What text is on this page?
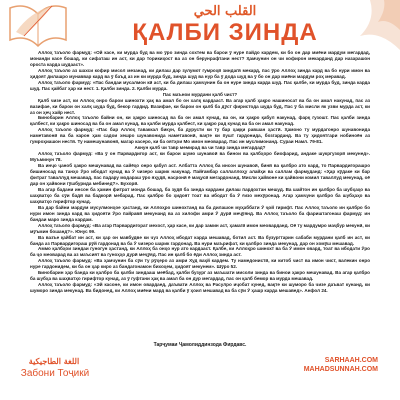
القلب الحي
ҚАЛБИ ЗИНДА

Аллоҳ таъоло фармуд: «Ой касе, ки мурда буд ва мо ӯро зинда сохтем ва барои ӯ нуре пайдо кардем, ки бо он дар миёни мардум мегардад, монанди касе бошад, ки сифаташ ин аст, ки дар торикиҳост ва аз он берунрафтани нест? Ҳамчунин он чи кофирон мекарданд дар назарашон ороста карда шудааст».

Аллоҳ таъоло аз шахси кофир мисол мезанад, ки дилаш дар зулумот гумроҳӣ зиндагӣ мекард, пас ӯро Аллоҳ зинда кард ва бо нури имон ва ҳидоят дилашро мунаввар кард ва ӯ баъд аз ин ки мурда буд, зинда шуд ва нур ба ӯ дода шуд ва ӯ бо он дар миёни мардум роҳ меравад.

Аллоҳ таъоло фармуд: «Пас бандаи мусалмон кӣ аст, ки ба дилаш ҳамчунин ба он нуре зинда карда шуд. Пас қалбе, ки мурда буд, зинда карда шуд. Пас қайбат ҳар ки нест. 1. Қалби зинда. 2. Қалби мурда.

Пас маънои мурдани қалб чист?

Қалб чизе аст, ки Аллоҳ онро барои шинохти ҳақ ва амал бо он халқ кардааст. Ва агар қалб ҳақро нашиносат ва ба он амал накунад, пас аз вазифае, ки барои он халқ шуда буд, бекор гардид. Вазифае, ки барои он қалб ба дӯст фиристода шуда буд, Пас ӯ ба мисли як узви мурда аст, ки аз он ҳеҷ хайр нест.

Бинобарин Аллоҳ таъоло байни он, ки ҳақро шиносад ва ба он амал кунад, ва он, ки ҳақро қабул накунад, фарқ гузошт. Пас қалби зинда қалбест, ки ҳақро шиносад ва ба он амал кунад, ва қалби мурда қалбест, ки ҳақро рад кунад ва ба он амал накунад.

Аллоҳ таъоло фармуд: «Пас бар Аллоҳ таваккал бикун, ба дурусти ки ту бар ҳаққи равшан ҳастӣ. Ҳамоно ту мурдагонро шунавонида наметавонӣ ва ба карон ҳам садои хешро шунавонида наметавонӣ, вақте ки пушт гардонида, бозгарданд. Ва ту ҳидоятгари нобиноён аз гумроҳиашон нестӣ. Ту намешунавонӣ, магар касеро, ки ба оятҳои Мо имон меоварад. Пас ин муслимонанд. Сураи Намл. 79-81.

Акнун қалб чи тавр мемирад ва чи тавр зинда мегардад?

Аллоҳ таъоло фармуд: «Ва ӯ он Парвардигор аст, ки барои шумо шунавоӣ ва бинои ва қалбҳоро биофарид, андаке шукргузорӣ мекунед». Муъминун 78.

Ва инҷо ҷаноб ҳакро мешунавад ва сайёҳо онро қабул аст. Албатта Аллоҳ ба инсон шунавоӣ, бинӣ ва қалбро ато кард, то Парвардигорашро бишиносад ва танҳо Ӯро ибодат кунад ва Ӯ чизеро шарик накунад. Пайғамбар саллаллоҳу алайҳи ва саллам фармуданд: «Ҳар кӯдаке ки бар фитрат таваллуд мешавад, пас падару модараш ӯро яҳудӣ, насронӣ ё маҷусӣ мегардонанд. Мисли ҳайвоне ки ҳайвони комил таваллуд мекунад, оё дар он ҳайвони гӯшбурида мебинед?». Бухорӣ.

Ва агар бадани инсон ба ҳамин фитрат монда бошад, ба зудӣ ба зинда кардани дилаш пардохтан мешуд. Ва шайтон ин қалбро ба шубҳаҳо ва шаҳватҳо ба сӯи бадӣ ва бадкорӣ мебарад. Пас қалбро бо ҳидоят тоат ва ибодат ба Ӯ ғизо мехӯронад. Агар ҳамчуни қалбро ба шубҳаҳо ва шаҳватҳо гирифтор кунад.

Ва дар байни мардум мусулмонҳое ҳастанд, ки Аллоҳро шинохтанд ва ба дилашон муҳаббати Ӯ ҷой гирифт. Пас Аллоҳ таъоло ин қалбро бо нури имон зинда кард ва ҳидояти Ӯро пайравӣ мекунанд ва аз хилофи амри Ӯ дурӣ меҷӯянд. Ва Аллоҳ таъоло ба фариштагонаш фармуд: ин бандаи маро зинда кардам.

Аллоҳ таъоло фармуд: «Ва агар Парвардигорат мехост, ҳар касе, ки дар замин аст, ҳамагӣ имон меоварданд. Оё ту мардумро маҷбур мекунӣ, ки мӯъмин бошанд?». Юнус 99.

Ва вазъе қайбат ин аст, ки ҳар он мавбудве ки чуз Аллоҳ ибодат карда мешавад, ботил аст. Ва бузургтарин сабаби мурдани қалб ин аст, ки банда аз Парвардигораш рӯй гардонад ва ба Ӯ чизеро шарик гардонад. Ва нури маърифат, ки қалбро зинда мекунад, дар он хомӯш мешавад.

Аммо қалбҳои зиндаи гуногун ҳастанд, ки Аллоҳ ба онҳо нур ато кардааст. Қалбе, ки Аллоҳро шинохт ва ба Ӯ имон овард, тоат ва ибодати Ӯро ба ҷо меоварад ва аз маъсият ва гуноҳҳо дурӣ меҷӯяд. Пас ин қалб бо ёди Аллоҳ зинда аст.

Аллоҳ таъоло фармуд: «Ва ҳамчунин ба сӯи ту рӯҳеро аз амри Худ ваҳй кардем. Ту намедонистӣ, ки китоб чист ва имон чист, валекин онро нуре гардонидем, ки ба он ҳар киро аз бандагонамон бихоҳем, ҳидоят мекунем». Шӯро 52.

Бинобарин ҳар банда ки қалбро ба қалби зиндааш меёбад, қалби бузург аз маъшати мисоли зинда ва бинои ҳакро мешунавад. Ва агар қалбро ба шубҳа ва шаҳватҳо гирифтор кунад, аз ӯ гуфтани ҳақ ва амал ба он дур мегардад, пас он қалб бемор ва мурда мешавад.

Аллоҳ таъоло фармуд: «Эй касоне, ки имон овардаед, даъвати Аллоҳ ва Расулро иҷобат кунед, вақте ки шуморо ба чизе даъват кунанд, ки шуморо зинда мекунад. Ва бидонед, ки Аллоҳ миёни мард ва қалби ӯ ҳоил мешавад ва ба сӯи Ӯ ҳашр карда мешавед». Анфол 24.

Тарҷумаи Ҷамолиддинзода Фирдавс.
اللغة الطاجيكية
Забони Тоҷикӣ
SARHAAH.COM
MAHADSUNNAH.COM
